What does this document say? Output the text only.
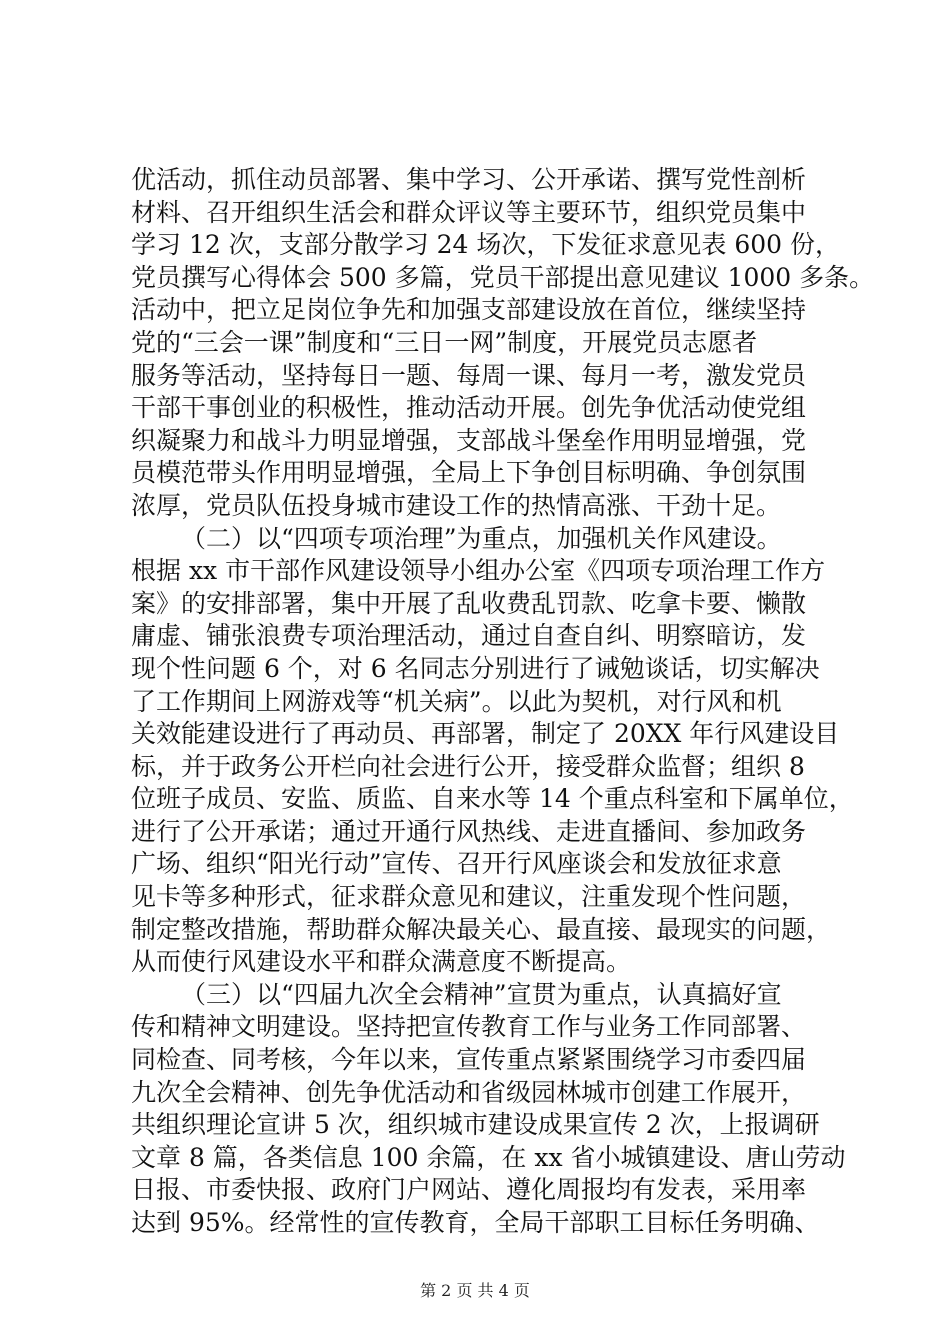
优活动，抓住动员部署、集中学习、公开承诺、撰写党性剖析
材料、召开组织生活会和群众评议等主要环节，组织党员集中
学习 12 次，支部分散学习 24 场次，下发征求意见表 600 份，
党员撰写心得体会 500 多篇，党员干部提出意见建议 1000 多条。
活动中，把立足岗位争先和加强支部建设放在首位，继续坚持
党的“三会一课”制度和“三日一网”制度，开展党员志愿者
服务等活动，坚持每日一题、每周一课、每月一考，激发党员
干部干事创业的积极性，推动活动开展。创先争优活动使党组
织凝聚力和战斗力明显增强，支部战斗堡垒作用明显增强，党
员模范带头作用明显增强，全局上下争创目标明确、争创氛围
浓厚，党员队伍投身城市建设工作的热情高涨、干劲十足。
（二）以“四项专项治理”为重点，加强机关作风建设。
根据 xx 市干部作风建设领导小组办公室《四项专项治理工作方
案》的安排部署，集中开展了乱收费乱罚款、吃拿卡要、懒散
庸虚、铺张浪费专项治理活动，通过自查自纠、明察暗访，发
现个性问题 6 个，对 6 名同志分别进行了诫勉谈话，切实解决
了工作期间上网游戏等“机关病”。以此为契机，对行风和机
关效能建设进行了再动员、再部署，制定了 20XX 年行风建设目
标，并于政务公开栏向社会进行公开，接受群众监督；组织 8
位班子成员、安监、质监、自来水等 14 个重点科室和下属单位，
进行了公开承诺；通过开通行风热线、走进直播间、参加政务
广场、组织“阳光行动”宣传、召开行风座谈会和发放征求意
见卡等多种形式，征求群众意见和建议，注重发现个性问题，
制定整改措施，帮助群众解决最关心、最直接、最现实的问题，
从而使行风建设水平和群众满意度不断提高。
（三）以“四届九次全会精神”宣贯为重点，认真搞好宣
传和精神文明建设。坚持把宣传教育工作与业务工作同部署、
同检查、同考核，今年以来，宣传重点紧紧围绕学习市委四届
九次全会精神、创先争优活动和省级园林城市创建工作展开，
共组织理论宣讲 5 次，组织城市建设成果宣传 2 次，上报调研
文章 8 篇，各类信息 100 余篇，在 xx 省小城镇建设、唐山劳动
日报、市委快报、政府门户网站、遵化周报均有发表，采用率
达到 95%。经常性的宣传教育，全局干部职工目标任务明确、
第 2 页 共 4 页
